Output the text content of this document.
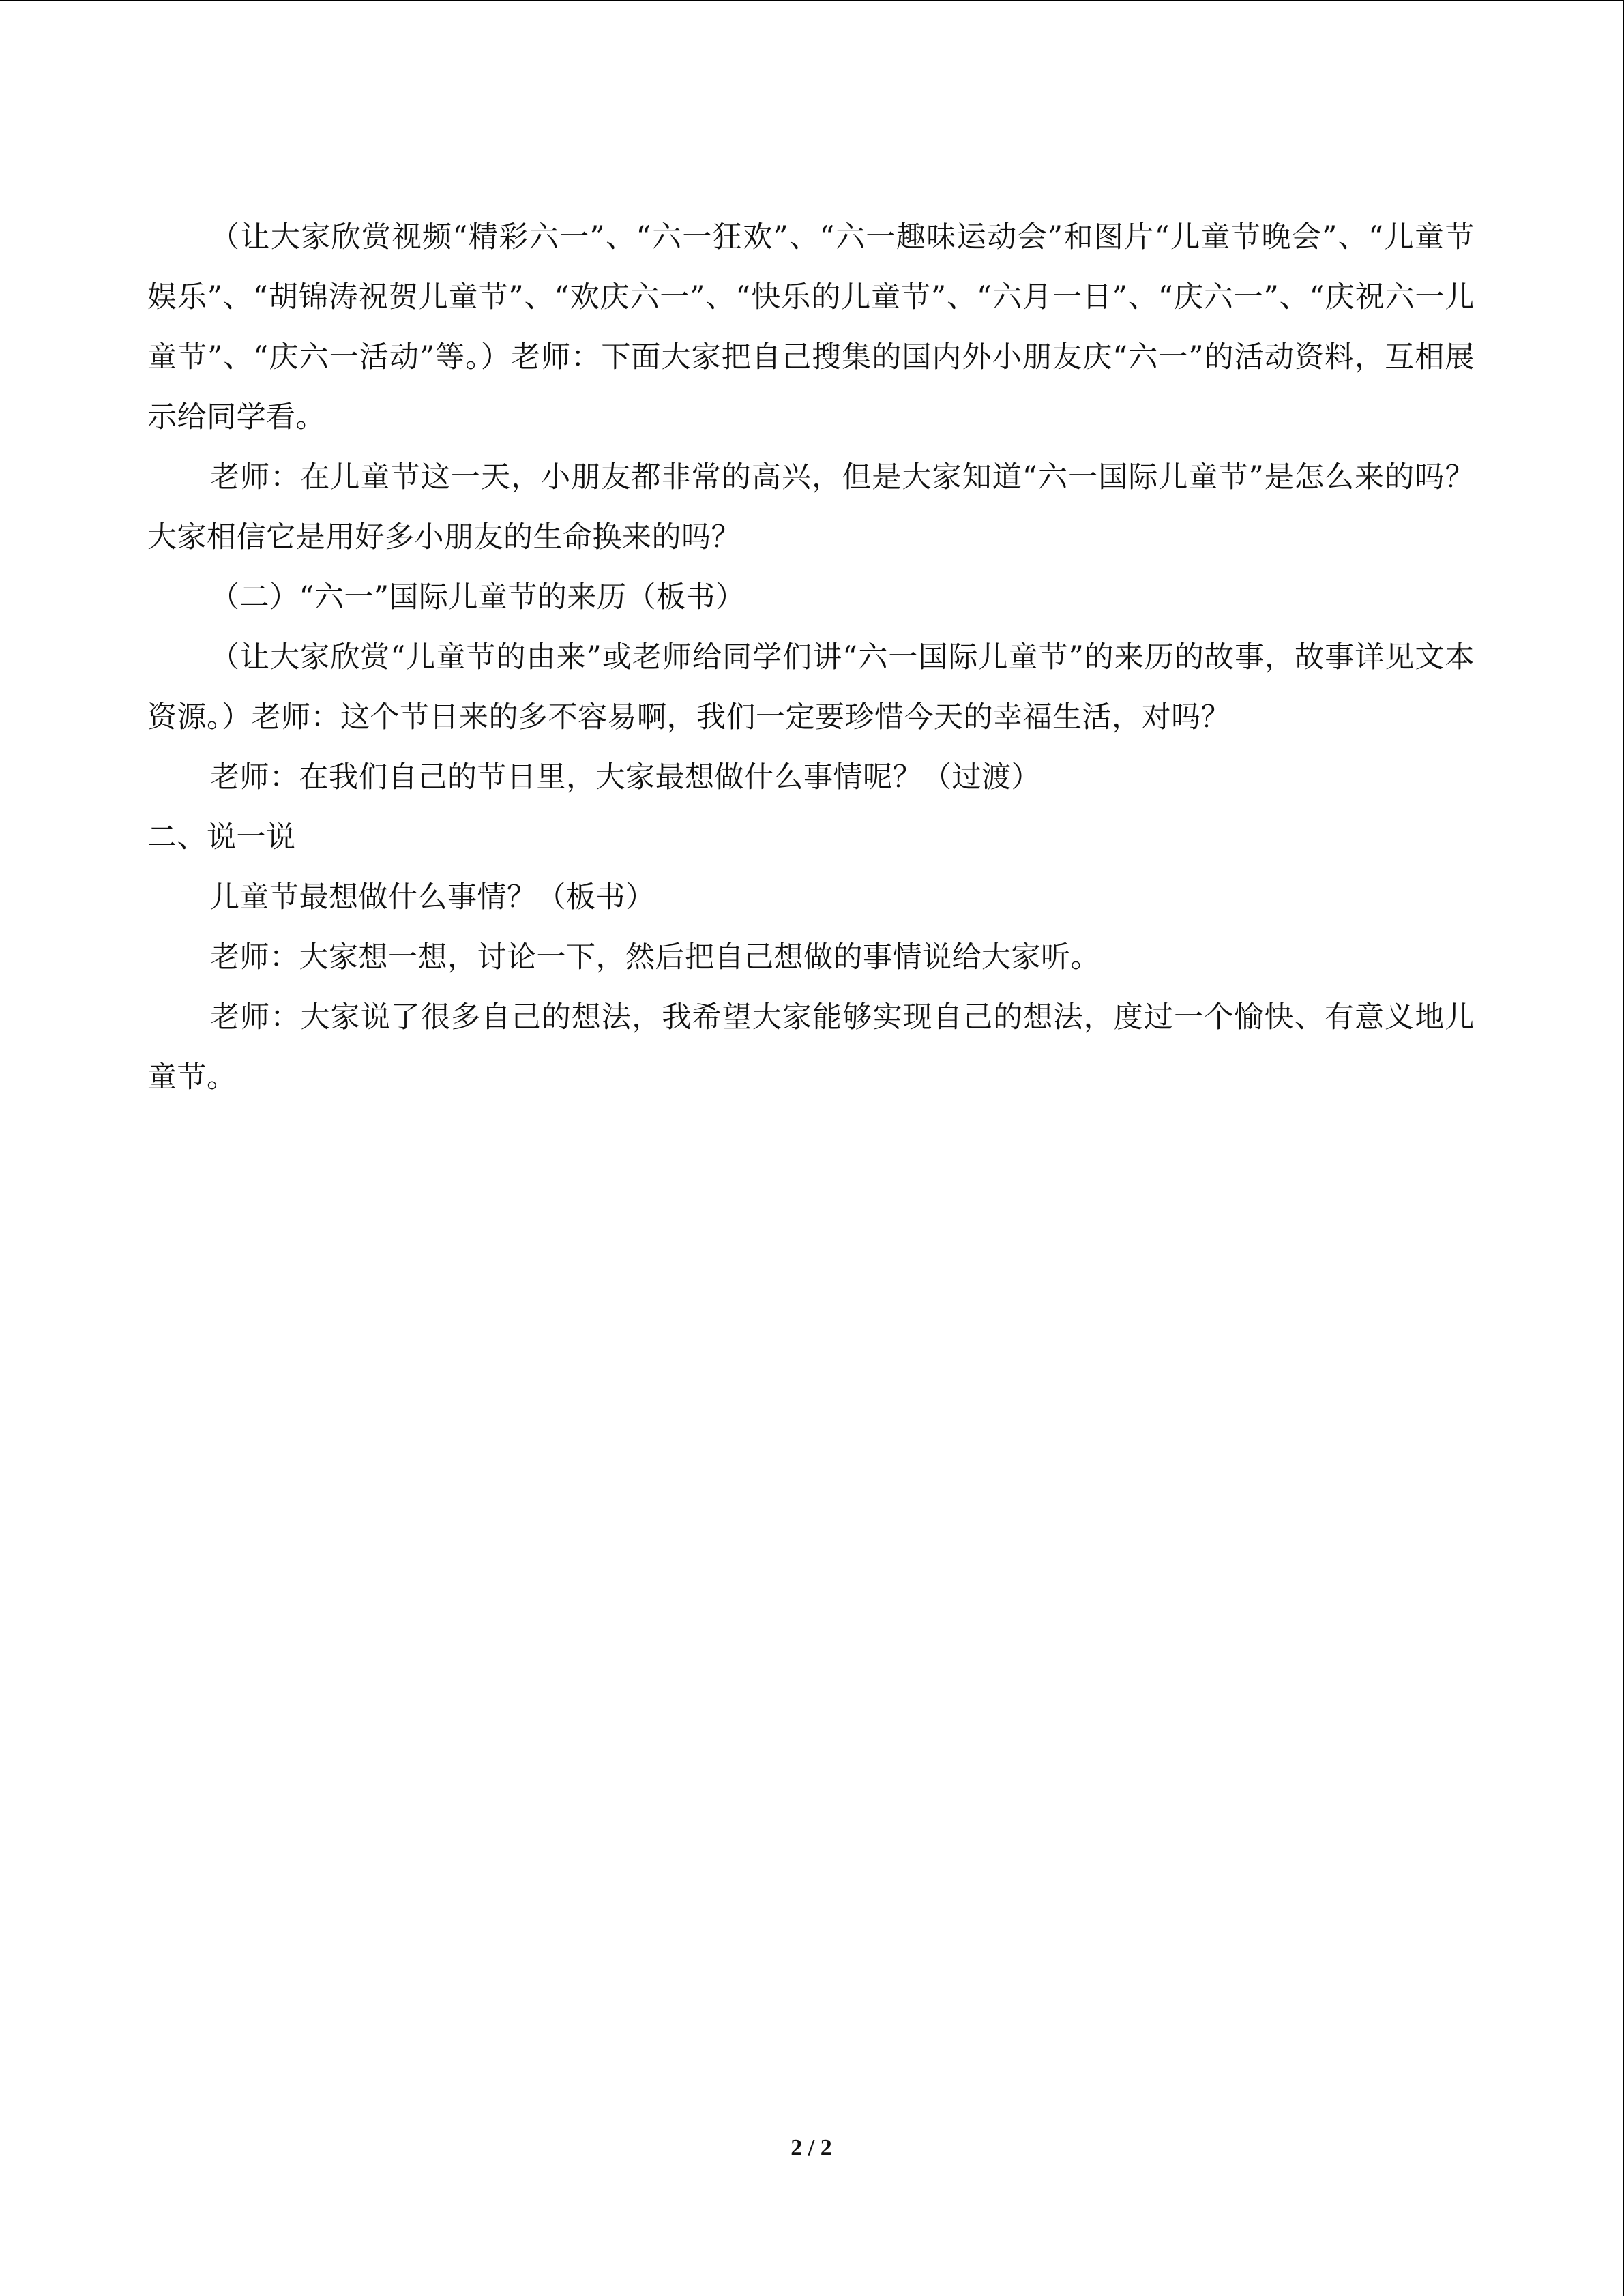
（让大家欣赏视频“精彩六一”、“六一狂欢”、“六一趣味运动会”和图片“儿童节晚会”、“儿童节娱乐”、“胡锦涛祝贺儿童节”、“欢庆六一”、“快乐的儿童节”、“六月一日”、“庆六一”、“庆祝六一儿童节”、“庆六一活动”等。）老师：下面大家把自己搜集的国内外小朋友庆“六一”的活动资料，互相展示给同学看。

老师：在儿童节这一天，小朋友都非常的高兴，但是大家知道“六一国际儿童节”是怎么来的吗？大家相信它是用好多小朋友的生命换来的吗？

（二）“六一”国际儿童节的来历（板书）

（让大家欣赏“儿童节的由来”或老师给同学们讲“六一国际儿童节”的来历的故事，故事详见文本资源。）老师：这个节日来的多不容易啊，我们一定要珍惜今天的幸福生活，对吗？

老师：在我们自己的节日里，大家最想做什么事情呢？（过渡）

二、说一说

儿童节最想做什么事情？（板书）

老师：大家想一想，讨论一下，然后把自己想做的事情说给大家听。

老师：大家说了很多自己的想法，我希望大家能够实现自己的想法，度过一个愉快、有意义地儿童节。

2 / 2
